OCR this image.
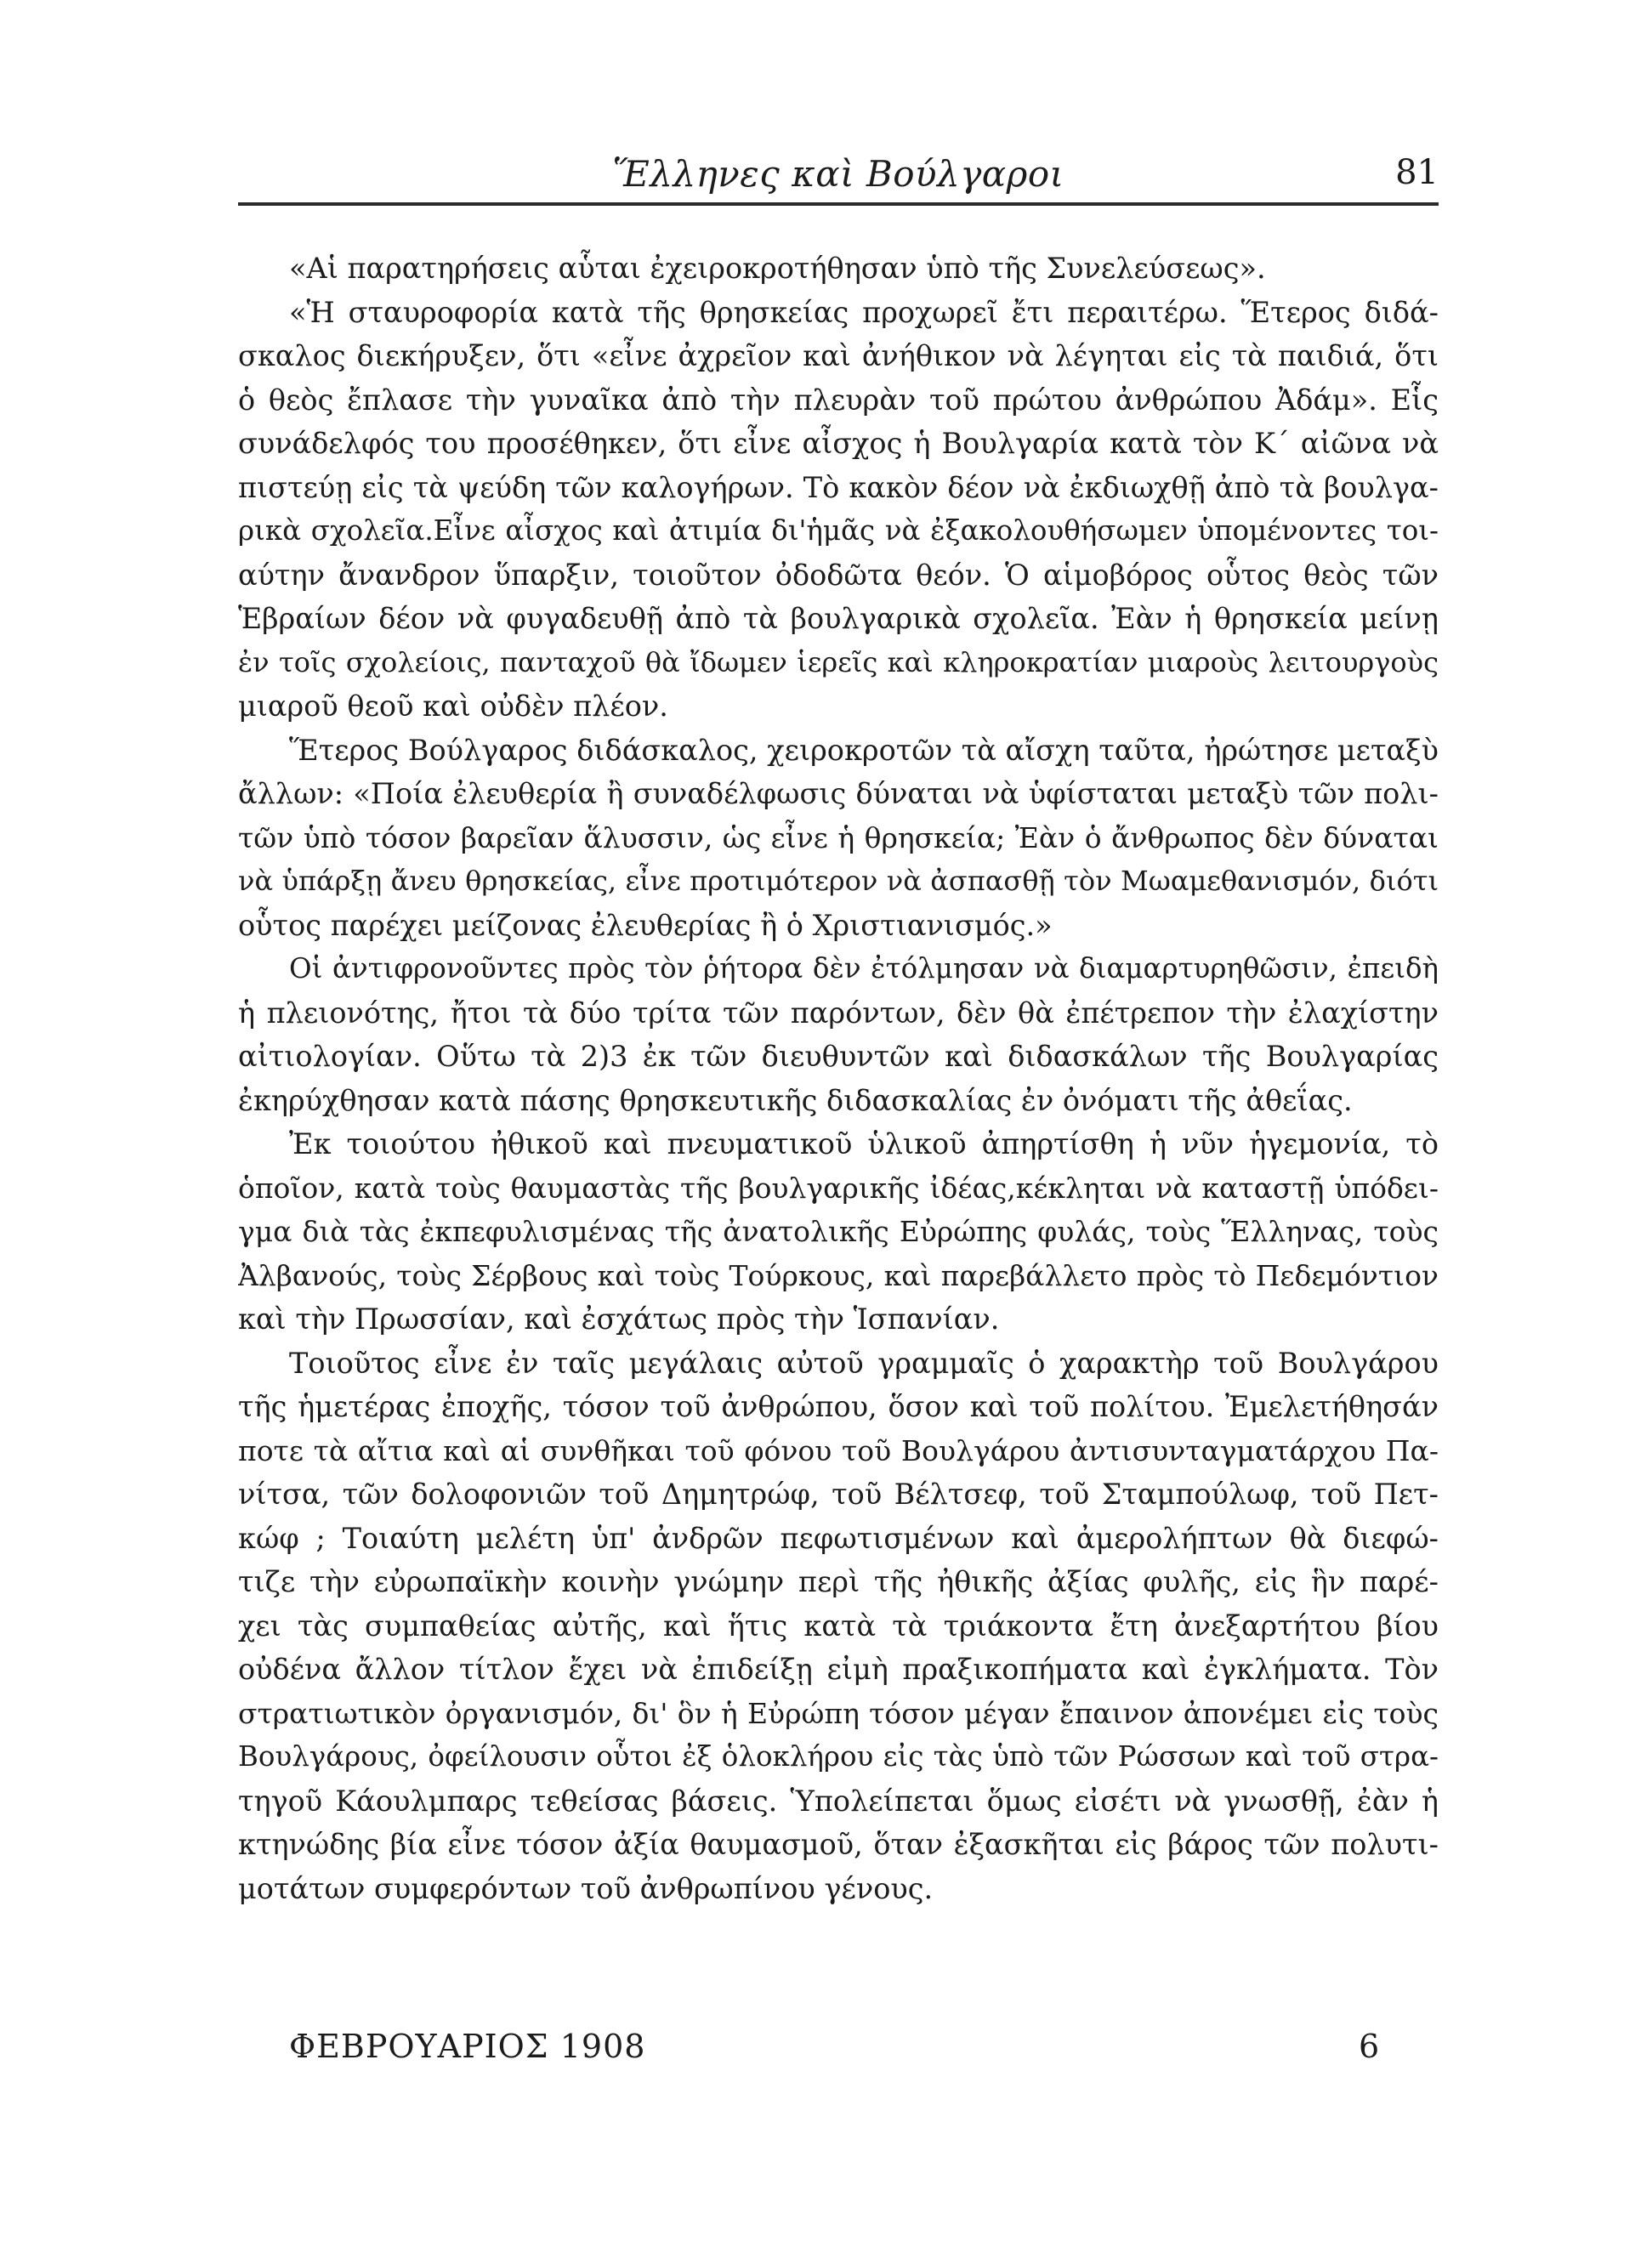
Ἕλληνες καὶ Βούλγαροι	81
«Αἱ παρατηρήσεις αὗται ἐχειροκροτήθησαν ὑπὸ τῆς Συνελεύσεως».
«Ἡ σταυροφορία κατὰ τῆς θρησκείας προχωρεῖ ἔτι περαιτέρω. Ἕτερος διδά-
σκαλος διεκήρυξεν, ὅτι «εἶνε ἀχρεῖον καὶ ἀνήθικον νὰ λέγηται εἰς τὰ παιδιά, ὅτι
ὁ θεὸς ἔπλασε τὴν γυναῖκα ἀπὸ τὴν πλευρὰν τοῦ πρώτου ἀνθρώπου Ἀδάμ». Εἷς
συνάδελφός του προσέθηκεν, ὅτι εἶνε αἶσχος ἡ Βουλγαρία κατὰ τὸν Κ΄ αἰῶνα νὰ
πιστεύῃ εἰς τὰ ψεύδη τῶν καλογήρων. Τὸ κακὸν δέον νὰ ἐκδιωχθῇ ἀπὸ τὰ βουλγα-
ρικὰ σχολεῖα.Εἶνε αἶσχος καὶ ἀτιμία δι'ἡμᾶς νὰ ἐξακολουθήσωμεν ὑπομένοντες τοι-
αύτην ἄνανδρον ὕπαρξιν, τοιοῦτον ὀδοδῶτα θεόν. Ὁ αἱμοβόρος οὗτος θεὸς τῶν
Ἑβραίων δέον νὰ φυγαδευθῇ ἀπὸ τὰ βουλγαρικὰ σχολεῖα. Ἐὰν ἡ θρησκεία μείνῃ
ἐν τοῖς σχολείοις, πανταχοῦ θὰ ἴδωμεν ἱερεῖς καὶ κληροκρατίαν μιαροὺς λειτουργοὺς
μιαροῦ θεοῦ καὶ οὐδὲν πλέον.
Ἕτερος Βούλγαρος διδάσκαλος, χειροκροτῶν τὰ αἴσχη ταῦτα, ἠρώτησε μεταξὺ
ἄλλων: «Ποία ἐλευθερία ἢ συναδέλφωσις δύναται νὰ ὑφίσταται μεταξὺ τῶν πολι-
τῶν ὑπὸ τόσον βαρεῖαν ἅλυσσιν, ὡς εἶνε ἡ θρησκεία; Ἐὰν ὁ ἄνθρωπος δὲν δύναται
νὰ ὑπάρξῃ ἄνευ θρησκείας, εἶνε προτιμότερον νὰ ἀσπασθῇ τὸν Μωαμεθανισμόν, διότι
οὗτος παρέχει μείζονας ἐλευθερίας ἢ ὁ Χριστιανισμός.»
Οἱ ἀντιφρονοῦντες πρὸς τὸν ῥήτορα δὲν ἐτόλμησαν νὰ διαμαρτυρηθῶσιν, ἐπειδὴ
ἡ πλειονότης, ἤτοι τὰ δύο τρίτα τῶν παρόντων, δὲν θὰ ἐπέτρεπον τὴν ἐλαχίστην
αἰτιολογίαν. Οὕτω τὰ 2)3 ἐκ τῶν διευθυντῶν καὶ διδασκάλων τῆς Βουλγαρίας
ἐκηρύχθησαν κατὰ πάσης θρησκευτικῆς διδασκαλίας ἐν ὀνόματι τῆς ἀθεΐας.
Ἐκ τοιούτου ἠθικοῦ καὶ πνευματικοῦ ὑλικοῦ ἀπηρτίσθη ἡ νῦν ἡγεμονία, τὸ
ὁποῖον, κατὰ τοὺς θαυμαστὰς τῆς βουλγαρικῆς ἰδέας,κέκληται νὰ καταστῇ ὑπόδει-
γμα διὰ τὰς ἐκπεφυλισμένας τῆς ἀνατολικῆς Εὐρώπης φυλάς, τοὺς Ἕλληνας, τοὺς
Ἀλβανούς, τοὺς Σέρβους καὶ τοὺς Τούρκους, καὶ παρεβάλλετο πρὸς τὸ Πεδεμόντιον
καὶ τὴν Πρωσσίαν, καὶ ἐσχάτως πρὸς τὴν Ἱσπανίαν.
Τοιοῦτος εἶνε ἐν ταῖς μεγάλαις αὐτοῦ γραμμαῖς ὁ χαρακτὴρ τοῦ Βουλγάρου
τῆς ἡμετέρας ἐποχῆς, τόσον τοῦ ἀνθρώπου, ὅσον καὶ τοῦ πολίτου. Ἐμελετήθησάν
ποτε τὰ αἴτια καὶ αἱ συνθῆκαι τοῦ φόνου τοῦ Βουλγάρου ἀντισυνταγματάρχου Πα-
νίτσα, τῶν δολοφονιῶν τοῦ Δημητρώφ, τοῦ Βέλτσεφ, τοῦ Σταμπούλωφ, τοῦ Πετ-
κώφ ; Τοιαύτη μελέτη ὑπ' ἀνδρῶν πεφωτισμένων καὶ ἀμερολήπτων θὰ διεφώ-
τιζε τὴν εὐρωπαϊκὴν κοινὴν γνώμην περὶ τῆς ἠθικῆς ἀξίας φυλῆς, εἰς ἣν παρέ-
χει τὰς συμπαθείας αὐτῆς, καὶ ἥτις κατὰ τὰ τριάκοντα ἔτη ἀνεξαρτήτου βίου
οὐδένα ἄλλον τίτλον ἔχει νὰ ἐπιδείξῃ εἰμὴ πραξικοπήματα καὶ ἐγκλήματα. Τὸν
στρατιωτικὸν ὀργανισμόν, δι' ὃν ἡ Εὐρώπη τόσον μέγαν ἔπαινον ἀπονέμει εἰς τοὺς
Βουλγάρους, ὀφείλουσιν οὗτοι ἐξ ὁλοκλήρου εἰς τὰς ὑπὸ τῶν Ρώσσων καὶ τοῦ στρα-
τηγοῦ Κάουλμπαρς τεθείσας βάσεις. Ὑπολείπεται ὅμως εἰσέτι νὰ γνωσθῇ, ἐὰν ἡ
κτηνώδης βία εἶνε τόσον ἀξία θαυμασμοῦ, ὅταν ἐξασκῆται εἰς βάρος τῶν πολυτι-
μοτάτων συμφερόντων τοῦ ἀνθρωπίνου γένους.
ΦΕΒΡΟΥΑΡΙΟΣ 1908	6
